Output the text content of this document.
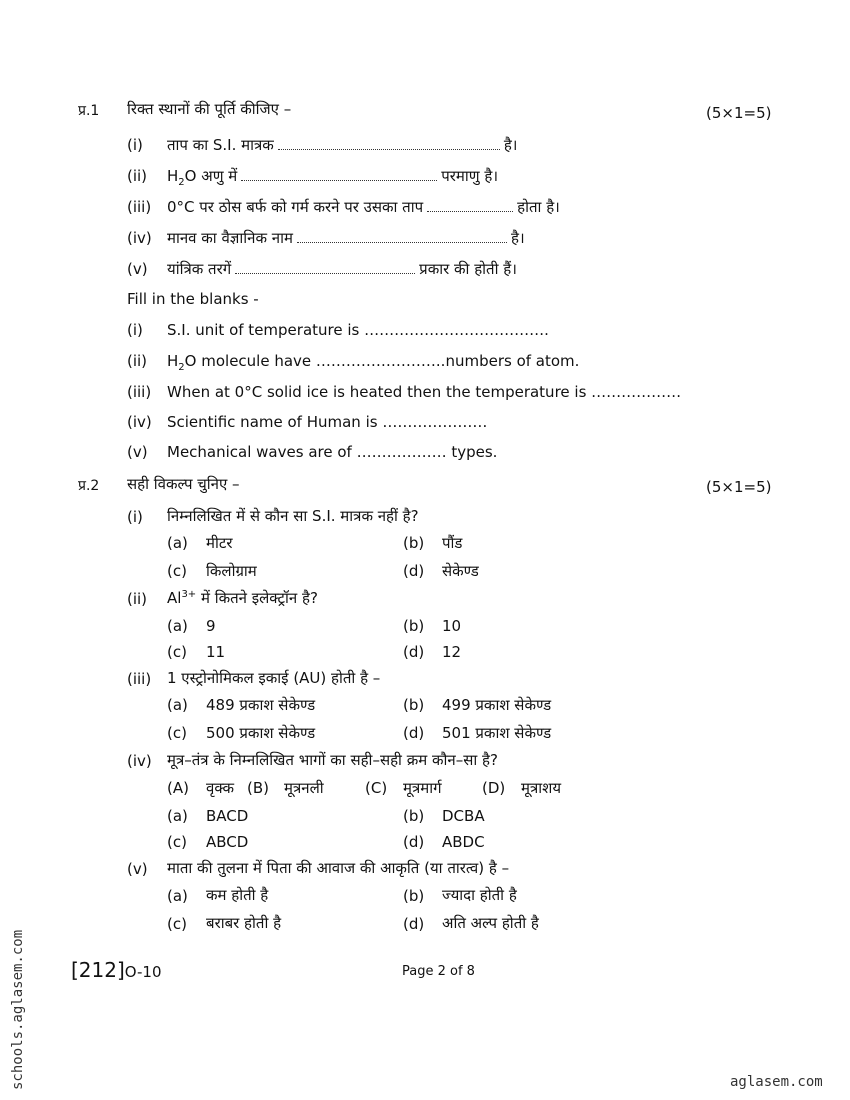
प्र.1 रिक्त स्थानों की पूर्ति कीजिए –	(5×1=5)
(i) ताप का S.I. मात्रक	है।
(ii) $H_2O$ अणु में	परमाणु है।
(iii) 0°C पर ठोस बर्फ को गर्म करने पर उसका ताप	होता है।
(iv) मानव का वैज्ञानिक नाम	है।
(v) यांत्रिक तरगें	प्रकार की होती हैं।
Fill in the blanks -
(i) S.I. unit of temperature is ……………………………….
(ii) $H_2O$ molecule have ……………………..numbers of atom.
(iii) When at 0°C solid ice is heated then the temperature is ………………
(iv) Scientific name of Human is …………………
(v) Mechanical waves are of ……………… types.
प्र.2 सही विकल्प चुनिए –	(5×1=5)
(i) निम्नलिखित में से कौन सा S.I. मात्रक नहीं है?
(a) मीटर	(b) पौंड
(c) किलोग्राम	(d) सेकेण्ड
(ii) $Al^{3+}$ में कितने इलेक्ट्रॉन है?
(a) 9	(b) 10
(c) 11	(d) 12
(iii) 1 एस्ट्रोनोमिकल इकाई (AU) होती है –
(a) 489 प्रकाश सेकेण्ड	(b) 499 प्रकाश सेकेण्ड
(c) 500 प्रकाश सेकेण्ड	(d) 501 प्रकाश सेकेण्ड
(iv) मूत्र–तंत्र के निम्नलिखित भागों का सही–सही क्रम कौन–सा है?
(A) वृक्क (B) मूत्रनली	(C) मूत्रमार्ग	(D) मूत्राशय
(a) BACD	(b) DCBA
(c) ABCD	(d) ABDC
(v) माता की तुलना में पिता की आवाज की आकृति (या तारत्व) है –
(a) कम होती है	(b) ज्यादा होती है
(c) बराबर होती है	(d) अति अल्प होती है
[212]O-10	Page 2 of 8
schools.aglasem.com	aglasem.com
